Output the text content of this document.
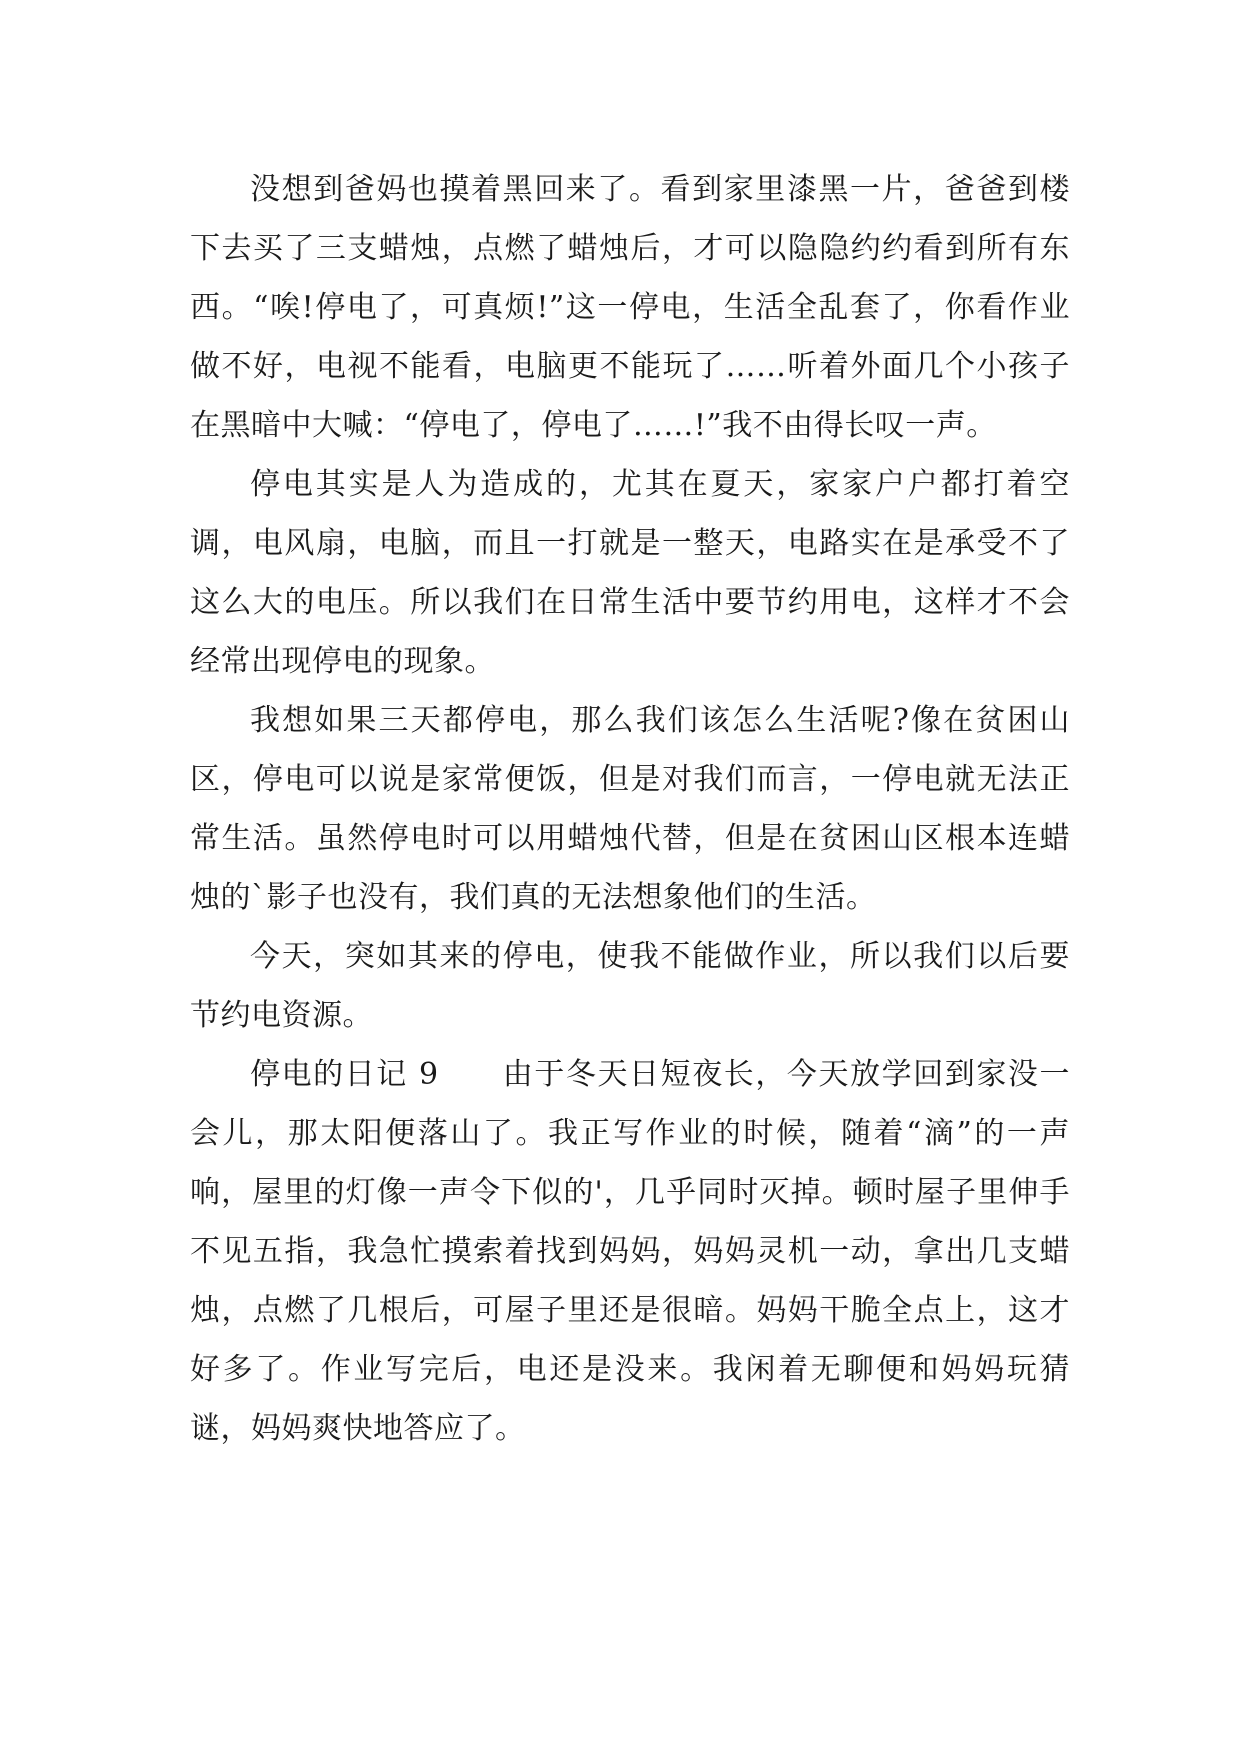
没想到爸妈也摸着黑回来了。看到家里漆黑一片，爸爸到楼下去买了三支蜡烛，点燃了蜡烛后，才可以隐隐约约看到所有东西。“唉!停电了，可真烦!”这一停电，生活全乱套了，你看作业做不好，电视不能看，电脑更不能玩了……听着外面几个小孩子在黑暗中大喊：“停电了，停电了……!”我不由得长叹一声。

停电其实是人为造成的，尤其在夏天，家家户户都打着空调，电风扇，电脑，而且一打就是一整天，电路实在是承受不了这么大的电压。所以我们在日常生活中要节约用电，这样才不会经常出现停电的现象。

我想如果三天都停电，那么我们该怎么生活呢?像在贫困山区，停电可以说是家常便饭，但是对我们而言，一停电就无法正常生活。虽然停电时可以用蜡烛代替，但是在贫困山区根本连蜡烛的`影子也没有，我们真的无法想象他们的生活。

今天，突如其来的停电，使我不能做作业，所以我们以后要节约电资源。

停电的日记 9　　由于冬天日短夜长，今天放学回到家没一会儿，那太阳便落山了。我正写作业的时候，随着“滴”的一声响，屋里的灯像一声令下似的'，几乎同时灭掉。顿时屋子里伸手不见五指，我急忙摸索着找到妈妈，妈妈灵机一动，拿出几支蜡烛，点燃了几根后，可屋子里还是很暗。妈妈干脆全点上，这才好多了。作业写完后，电还是没来。我闲着无聊便和妈妈玩猜谜，妈妈爽快地答应了。
